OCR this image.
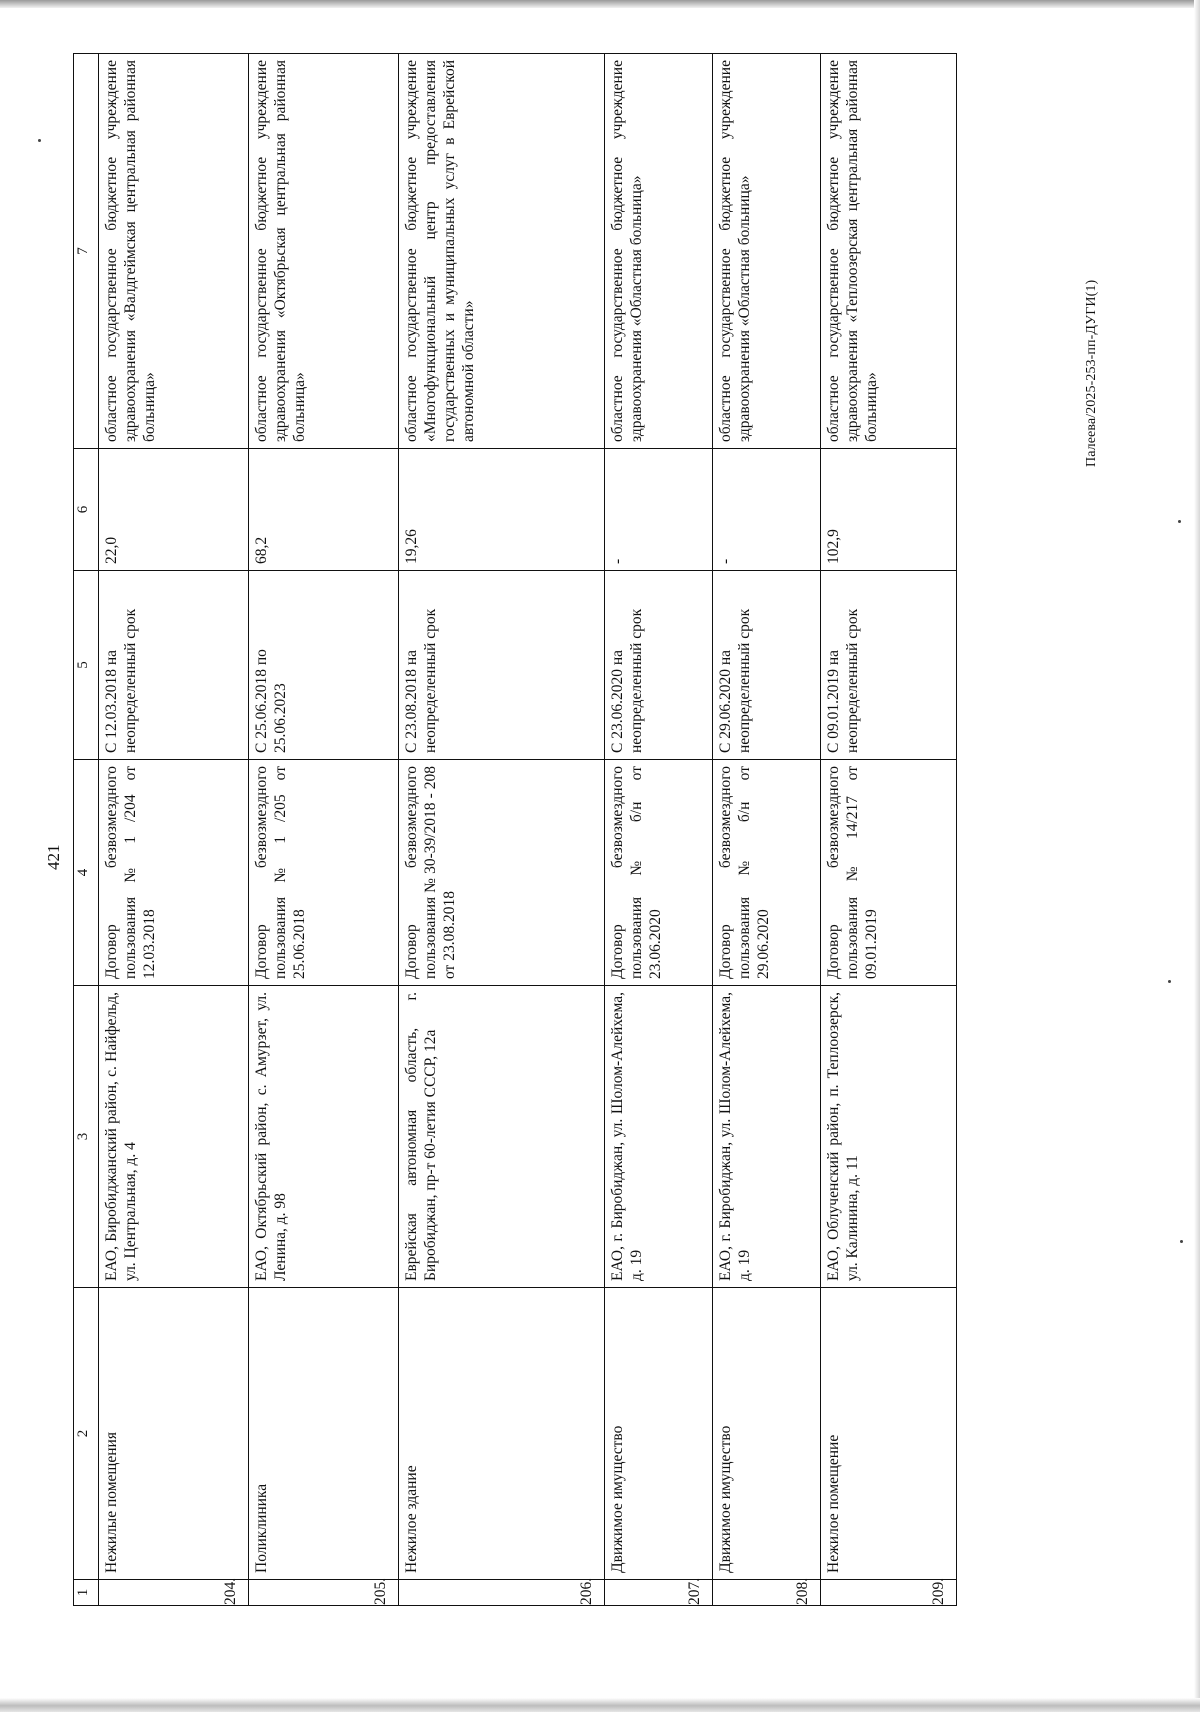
421
1	2	3	4	5	6	7
204.	Нежилые помещения	ЕАО, Биробиджанский район, с. Найфельд, ул. Центральная, д. 4	Договор безвозмездного пользования № 1 /204 от 12.03.2018	С 12.03.2018 на неопределенный срок	22,0	областное государственное бюджетное учреждение здравоохранения «Валдгеймская центральная районная больница»
205.	Поликлиника	ЕАО, Октябрьский район, с. Амурзет, ул. Ленина, д. 98	Договор безвозмездного пользования № 1 /205 от 25.06.2018	С 25.06.2018 по 25.06.2023	68,2	областное государственное бюджетное учреждение здравоохранения «Октябрьская центральная районная больница»
206.	Нежилое здание	Еврейская автономная область, г. Биробиджан, пр-т 60-летия СССР, 12а	Договор безвозмездного пользования № 30-39/2018 - 208 от 23.08.2018	С 23.08.2018 на неопределенный срок	19,26	областное государственное бюджетное учреждение «Многофункциональный центр предоставления государственных и муниципальных услуг в Еврейской автономной области»
207.	Движимое имущество	ЕАО, г. Биробиджан, ул. Шолом-Алейхема, д. 19	Договор безвозмездного пользования № б/н от 23.06.2020	С 23.06.2020 на неопределенный срок	-	областное государственное бюджетное учреждение здравоохранения «Областная больница»
208.	Движимое имущество	ЕАО, г. Биробиджан, ул. Шолом-Алейхема, д. 19	Договор безвозмездного пользования № б/н от 29.06.2020	С 29.06.2020 на неопределенный срок	-	областное государственное бюджетное учреждение здравоохранения «Областная больница»
209.	Нежилое помещение	ЕАО, Облученский район, п. Теплоозерск, ул. Калинина, д. 11	Договор безвозмездного пользования № 14/217 от 09.01.2019	С 09.01.2019 на неопределенный срок	102,9	областное государственное бюджетное учреждение здравоохранения «Теплоозерская центральная районная больница»	Палеева/2025-253-пп-ДУГИ(1)
